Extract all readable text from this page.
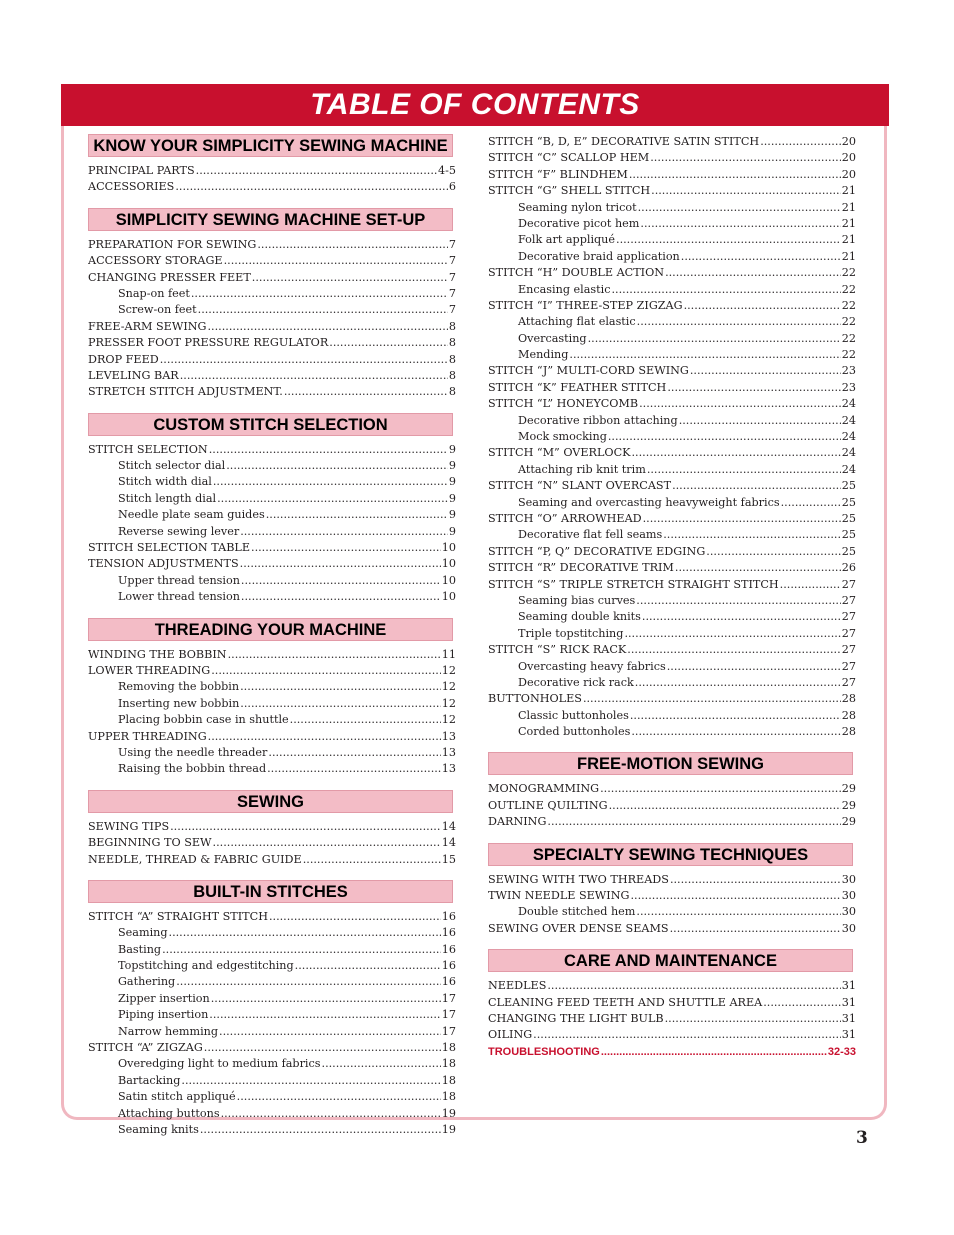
TABLE OF CONTENTS
KNOW YOUR SIMPLICITY SEWING MACHINE
PRINCIPAL PARTS .....	4-5
ACCESSORIES .....	6
SIMPLICITY SEWING MACHINE SET-UP
PREPARATION FOR SEWING .....	7
ACCESSORY STORAGE .....	7
CHANGING PRESSER FEET .....	7
Snap-on feet .....	7
Screw-on feet .....	7
FREE-ARM SEWING .....	8
PRESSER FOOT PRESSURE REGULATOR .....	8
DROP FEED .....	8
LEVELING BAR .....	8
STRETCH STITCH ADJUSTMENT. .....	8
CUSTOM STITCH SELECTION
STITCH SELECTION .....	9
Stitch selector dial .....	9
Stitch width dial .....	9
Stitch length dial .....	9
Needle plate seam guides .....	9
Reverse sewing lever .....	9
STITCH SELECTION TABLE .....	10
TENSION ADJUSTMENTS .....	10
Upper thread tension .....	10
Lower thread tension .....	10
THREADING YOUR MACHINE
WINDING THE BOBBIN .....	11
LOWER THREADING .....	12
Removing the bobbin .....	12
Inserting new bobbin .....	12
Placing bobbin case in shuttle .....	12
UPPER THREADING .....	13
Using the needle threader .....	13
Raising the bobbin thread .....	13
SEWING
SEWING TIPS .....	14
BEGINNING TO SEW .....	14
NEEDLE, THREAD & FABRIC GUIDE .....	15
BUILT-IN STITCHES
STITCH “A” STRAIGHT STITCH .....	16
Seaming .....	16
Basting .....	16
Topstitching and edgestitching .....	16
Gathering .....	16
Zipper insertion .....	17
Piping insertion .....	17
Narrow hemming .....	17
STITCH “A” ZIGZAG .....	18
Overedging light to medium fabrics .....	18
Bartacking .....	18
Satin stitch appliqué .....	18
Attaching buttons .....	19
Seaming knits .....	19
STITCH “B, D, E” DECORATIVE SATIN STITCH .....	20
STITCH “C” SCALLOP HEM .....	20
STITCH “F” BLINDHEM .....	20
STITCH “G” SHELL STITCH .....	21
Seaming nylon tricot .....	21
Decorative picot hem .....	21
Folk art appliqué .....	21
Decorative braid application .....	21
STITCH “H” DOUBLE ACTION .....	22
Encasing elastic .....	22
STITCH “I” THREE-STEP ZIGZAG .....	22
Attaching flat elastic .....	22
Overcasting .....	22
Mending .....	22
STITCH “J” MULTI-CORD SEWING .....	23
STITCH “K” FEATHER STITCH .....	23
STITCH “L” HONEYCOMB .....	24
Decorative ribbon attaching .....	24
Mock smocking .....	24
STITCH “M” OVERLOCK .....	24
Attaching rib knit trim .....	24
STITCH “N” SLANT OVERCAST .....	25
Seaming and overcasting heavyweight fabrics .....	25
STITCH “O” ARROWHEAD .....	25
Decorative flat fell seams .....	25
STITCH “P, Q” DECORATIVE EDGING .....	25
STITCH “R” DECORATIVE TRIM .....	26
STITCH “S” TRIPLE STRETCH STRAIGHT STITCH .....	27
Seaming bias curves .....	27
Seaming double knits .....	27
Triple topstitching .....	27
STITCH “S” RICK RACK .....	27
Overcasting heavy fabrics .....	27
Decorative rick rack .....	27
BUTTONHOLES .....	28
Classic buttonholes .....	28
Corded buttonholes .....	28
FREE-MOTION SEWING
MONOGRAMMING .....	29
OUTLINE QUILTING .....	29
DARNING .....	29
SPECIALTY SEWING TECHNIQUES
SEWING WITH TWO THREADS .....	30
TWIN NEEDLE SEWING .....	30
Double stitched hem .....	30
SEWING OVER DENSE SEAMS .....	30
CARE AND MAINTENANCE
NEEDLES .....	31
CLEANING FEED TEETH AND SHUTTLE AREA .....	31
CHANGING THE LIGHT BULB .....	31
OILING .....	31
TROUBLESHOOTING .....	32-33
3
